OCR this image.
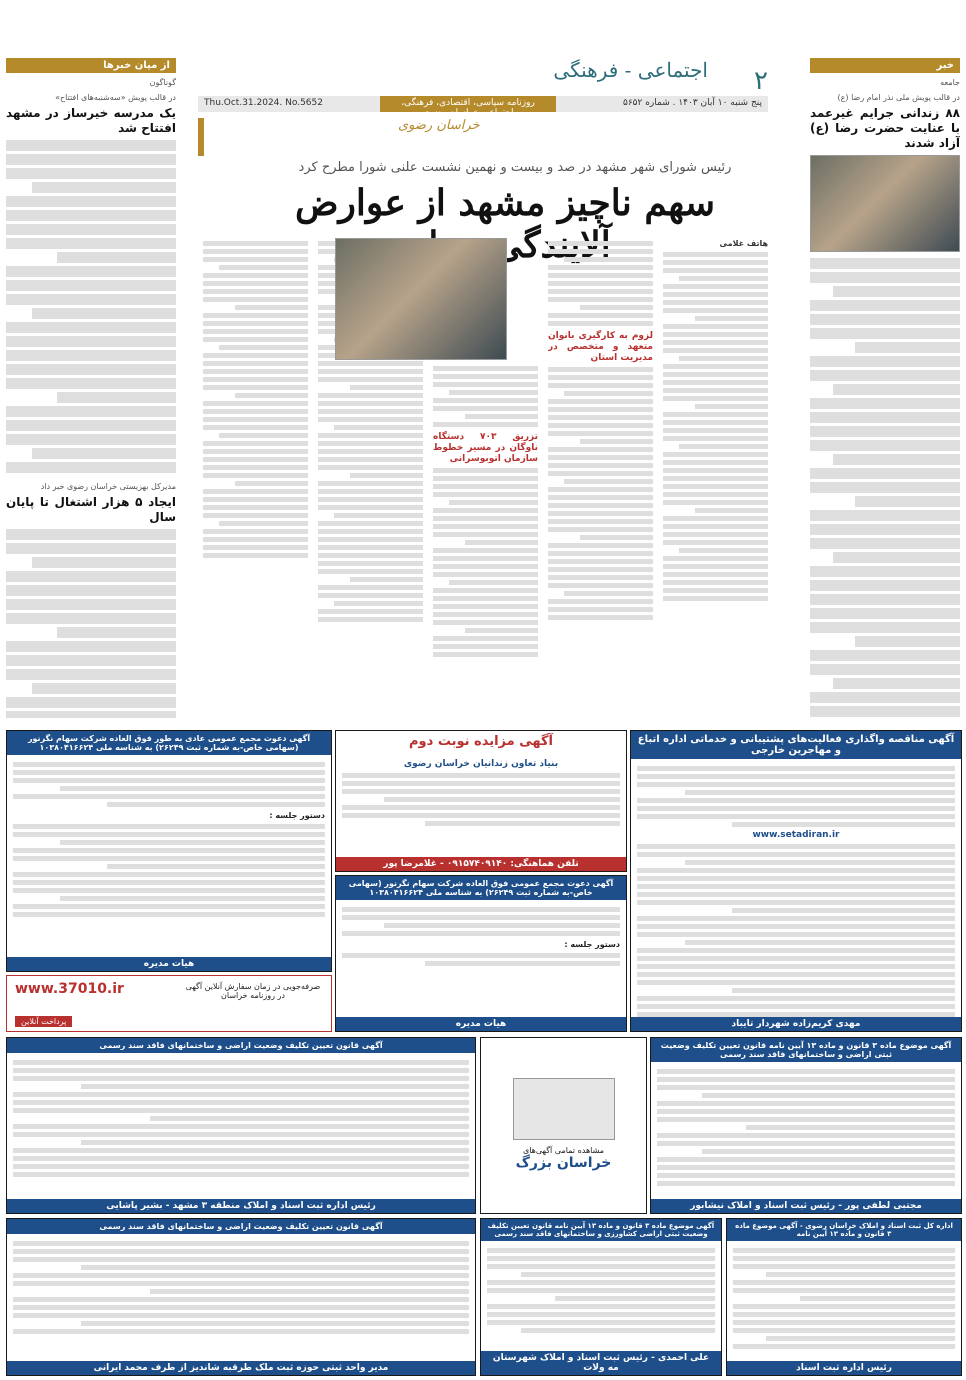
۲
اجتماعی - فرهنگی
پنج شنبه ۱۰ آبان ۱۴۰۳ . شماره ۵۶۵۲
روزنامه سیاسی، اقتصادی، فرهنگی، اجتماعی خراسان رضوی
Thu.Oct.31.2024. No.5652
خراسان رضوی
رئیس شورای شهر مشهد در صد و بیست و نهمین نشست علنی شورا مطرح کرد
سهم ناچیز مشهد از عوارض
خبر
جامعه
در قالب پویش ملی نذر امام رضا (ع)
۸۸ زندانی جرایم غیرعمد با عنایت حضرت رضا (ع) آزاد شدند
از میان خبرها
گوناگون
در قالب پویش «سه‌شنبه‌های افتتاح»
یک مدرسه خیرساز در مشهد افتتاح شد
مدیرکل بهزیستی خراسان رضوی خبر داد
ایجاد ۵ هزار اشتغال تا پایان سال
هاتف غلامی
لزوم به کارگیری بانوان متعهد و متخصص در مدیریت استان
تزریق ۷۰۳ دستگاه ناوگان در مسیر خطوط سازمان اتوبوسرانی
آگهی مناقصه واگذاری فعالیت‌های پشتیبانی و خدماتی اداره اتباع و مهاجرین خارجی
www.setadiran.ir
مهدی کریم‌زاده شهردار تایباد
آگهی مزایده نوبت دوم
بنیاد تعاون زندانیان خراسان رضوی
تلفن هماهنگی: ۰۹۱۵۷۴۰۹۱۴۰ - غلامرضا پور
آگهی دعوت مجمع عمومی فوق العاده شرکت سهام نگرنور (سهامی خاص-به شماره ثبت ۲۶۲۴۹) به شناسه ملی ۱۰۳۸۰۴۱۶۶۲۴
دستور جلسه :
هیات مدیره
آگهی دعوت مجمع عمومی عادی به طور فوق العاده شرکت سهام نگرنور (سهامی خاص-به شماره ثبت ۲۶۲۴۹) به شناسه ملی ۱۰۳۸۰۴۱۶۶۲۴
دستور جلسه :
هیات مدیره
www.37010.ir	صرفه‌جویی در زمان سفارش آنلاین آگهی در روزنامه خراسان
پرداخت آنلاین
آگهی موضوع ماده ۳ قانون و ماده ۱۳ آیین نامه قانون تعیین تکلیف وضعیت ثبتی اراضی و ساختمانهای فاقد سند رسمی
مجتبی لطفی پور - رئیس ثبت اسناد و املاک نیشابور
مشاهده تمامی آگهی‌های
خراسان بزرگ
آگهی قانون تعیین تکلیف وضعیت اراضی و ساختمانهای فاقد سند رسمی
رئیس اداره ثبت اسناد و املاک منطقه ۳ مشهد - بشیر پاشایی
اداره کل ثبت اسناد و املاک خراسان رضوی - آگهی موضوع ماده ۳ قانون و ماده ۱۳ آیین نامه
رئیس اداره ثبت اسناد
آگهی موضوع ماده ۳ قانون و ماده ۱۳ آیین نامه قانون تعیین تکلیف وضعیت ثبتی اراضی کشاورزی و ساختمانهای فاقد سند رسمی
علی احمدی - رئیس ثبت اسناد و املاک شهرستان مه ولات
آگهی قانون تعیین تکلیف وضعیت اراضی و ساختمانهای فاقد سند رسمی
مدیر واحد ثبتی حوزه ثبت ملک طرقبه شاندیز از طرف محمد ایرانی
